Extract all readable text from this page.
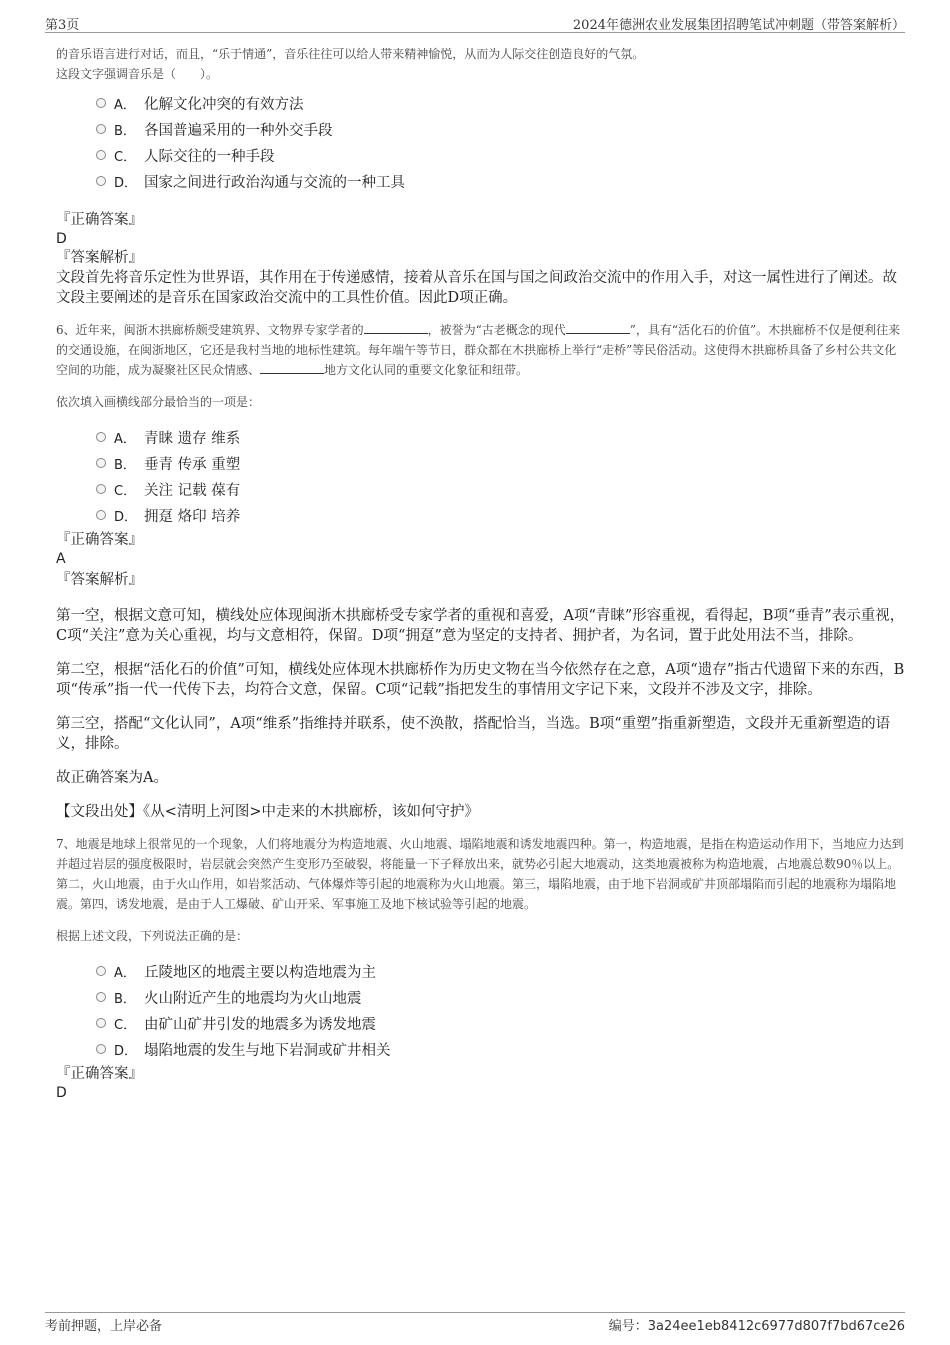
第3页	2024年德洲农业发展集团招聘笔试冲刺题（带答案解析）

的音乐语言进行对话，而且，“乐于情通”，音乐往往可以给人带来精神愉悦，从而为人际交往创造良好的气氛。

这段文字强调音乐是（　　）。

A． 化解文化冲突的有效方法
B． 各国普遍采用的一种外交手段
C． 人际交往的一种手段
D． 国家之间进行政治沟通与交流的一种工具

『正确答案』

D

『答案解析』

文段首先将音乐定性为世界语，其作用在于传递感情，接着从音乐在国与国之间政治交流中的作用入手，对这一属性进行了阐述。故文段主要阐述的是音乐在国家政治交流中的工具性价值。因此D项正确。

6、近年来，闽浙木拱廊桥颇受建筑界、文物界专家学者的	，被誉为“古老概念的现代	”，具有“活化石的价值”。木拱廊桥不仅是便利往来的交通设施，在闽浙地区，它还是我村当地的地标性建筑。每年端午等节日，群众都在木拱廊桥上举行“走桥”等民俗活动。这使得木拱廊桥具备了乡村公共文化空间的功能，成为凝聚社区民众情感、	地方文化认同的重要文化象征和纽带。

依次填入画横线部分最恰当的一项是：

A． 青睐 遗存 维系
B． 垂青 传承 重塑
C． 关注 记载 葆有
D． 拥趸 烙印 培养

『正确答案』

A

『答案解析』

第一空，根据文意可知，横线处应体现闽浙木拱廊桥受专家学者的重视和喜爱，A项“青睐”形容重视，看得起，B项“垂青”表示重视，C项“关注”意为关心重视，均与文意相符，保留。D项“拥趸”意为坚定的支持者、拥护者，为名词，置于此处用法不当，排除。

第二空，根据“活化石的价值”可知，横线处应体现木拱廊桥作为历史文物在当今依然存在之意，A项“遗存”指古代遗留下来的东西，B项“传承”指一代一代传下去，均符合文意，保留。C项“记载”指把发生的事情用文字记下来，文段并不涉及文字，排除。

第三空，搭配“文化认同”，A项“维系”指维持并联系，使不涣散，搭配恰当，当选。B项“重塑”指重新塑造，文段并无重新塑造的语义，排除。

故正确答案为A。

【文段出处】《从<清明上河图>中走来的木拱廊桥，该如何守护》

7、地震是地球上很常见的一个现象，人们将地震分为构造地震、火山地震、塌陷地震和诱发地震四种。第一，构造地震，是指在构造运动作用下，当地应力达到并超过岩层的强度极限时，岩层就会突然产生变形乃至破裂，将能量一下子释放出来，就势必引起大地震动，这类地震被称为构造地震，占地震总数90％以上。第二，火山地震，由于火山作用，如岩浆活动、气体爆炸等引起的地震称为火山地震。第三，塌陷地震，由于地下岩洞或矿井顶部塌陷而引起的地震称为塌陷地震。第四，诱发地震，是由于人工爆破、矿山开采、军事施工及地下核试验等引起的地震。

根据上述文段，下列说法正确的是：

A． 丘陵地区的地震主要以构造地震为主
B． 火山附近产生的地震均为火山地震
C． 由矿山矿井引发的地震多为诱发地震
D． 塌陷地震的发生与地下岩洞或矿井相关

『正确答案』

D

考前押题，上岸必备	编号：3a24ee1eb8412c6977d807f7bd67ce26
